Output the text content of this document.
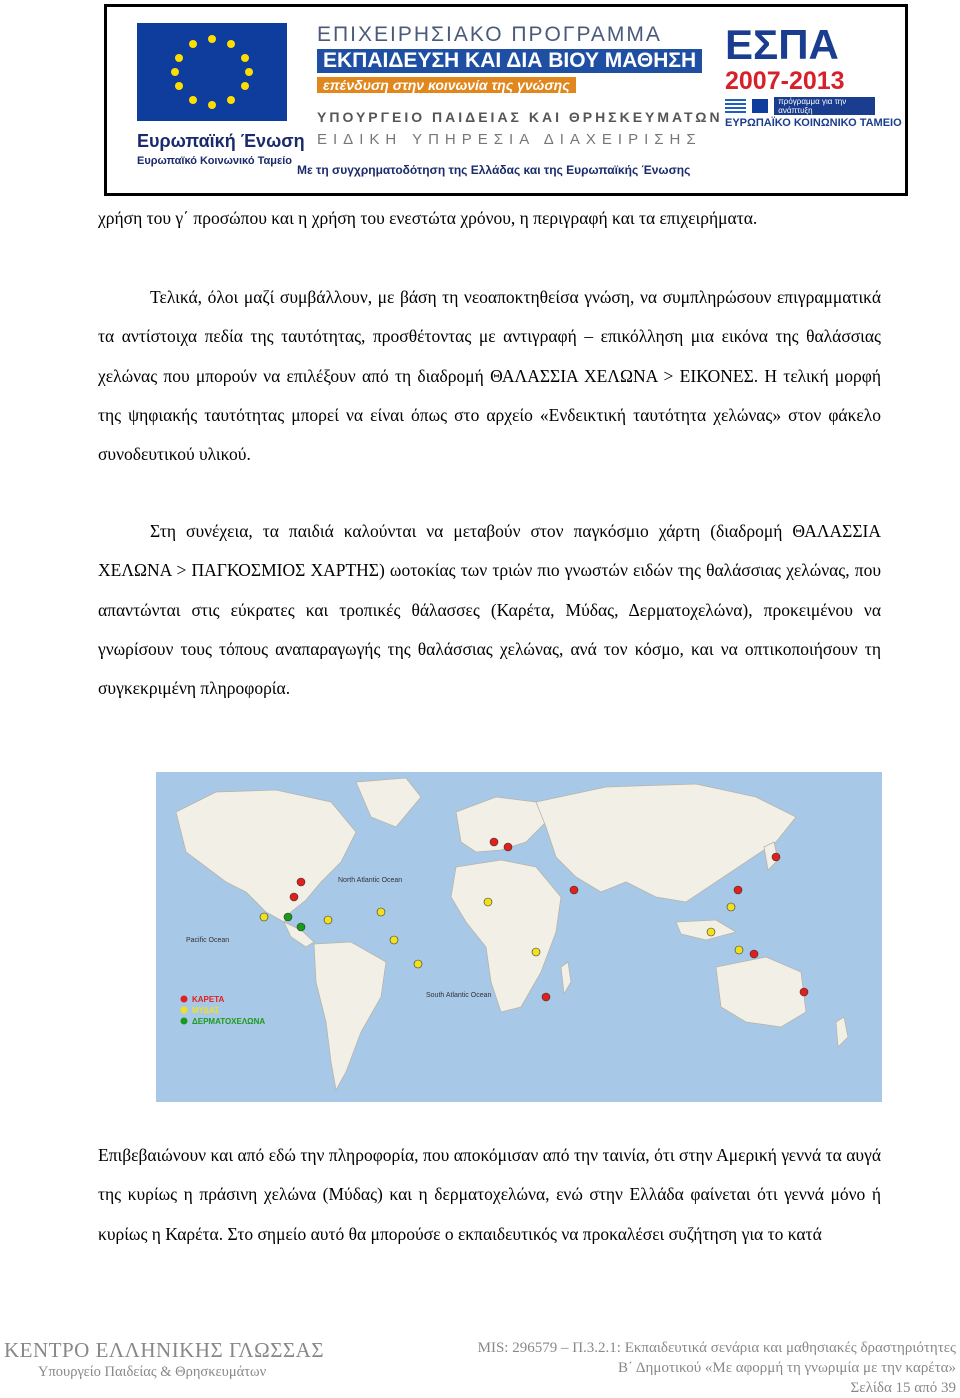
Ευρωπαϊκή Ένωση
Ευρωπαϊκό Κοινωνικό Ταμείο
ΕΠΙΧΕΙΡΗΣΙΑΚΟ ΠΡΟΓΡΑΜΜΑ
ΕΚΠΑΙΔΕΥΣΗ ΚΑΙ ΔΙΑ ΒΙΟΥ ΜΑΘΗΣΗ
επένδυση στην κοινωνία της γνώσης
ΥΠΟΥΡΓΕΙΟ ΠΑΙΔΕΙΑΣ ΚΑΙ ΘΡΗΣΚΕΥΜΑΤΩΝ
ΕΙΔΙΚΗ ΥΠΗΡΕΣΙΑ ΔΙΑΧΕΙΡΙΣΗΣ
Με τη συγχρηματοδότηση της Ελλάδας και της Ευρωπαϊκής Ένωσης
ΕΣΠΑ
2007-2013
πρόγραμμα για την ανάπτυξη
ΕΥΡΩΠΑΪΚΟ ΚΟΙΝΩΝΙΚΟ ΤΑΜΕΙΟ
χρήση του γ΄ προσώπου και η χρήση του ενεστώτα χρόνου, η περιγραφή και τα επιχειρήματα.
Τελικά, όλοι μαζί συμβάλλουν, με βάση τη νεοαποκτηθείσα γνώση, να συμπληρώσουν επιγραμματικά τα αντίστοιχα πεδία της ταυτότητας, προσθέτοντας με αντιγραφή – επικόλληση μια εικόνα της θαλάσσιας χελώνας που μπορούν να επιλέξουν από τη διαδρομή ΘΑΛΑΣΣΙΑ ΧΕΛΩΝΑ > ΕΙΚΟΝΕΣ. Η τελική μορφή της ψηφιακής ταυτότητας μπορεί να είναι όπως στο αρχείο «Ενδεικτική ταυτότητα χελώνας» στον φάκελο συνοδευτικού υλικού.
Στη συνέχεια, τα παιδιά καλούνται να μεταβούν στον παγκόσμιο χάρτη (διαδρομή ΘΑΛΑΣΣΙΑ ΧΕΛΩΝΑ > ΠΑΓΚΟΣΜΙΟΣ ΧΑΡΤΗΣ) ωοτοκίας των τριών πιο γνωστών ειδών της θαλάσσιας χελώνας, που απαντώνται στις εύκρατες και τροπικές θάλασσες (Καρέτα, Μύδας, Δερματοχελώνα), προκειμένου να γνωρίσουν τους τόπους αναπαραγωγής της θαλάσσιας χελώνας, ανά τον κόσμο, και να οπτικοποιήσουν τη συγκεκριμένη πληροφορία.
North Atlantic Ocean
Pacific Ocean
South Atlantic Ocean
ΚΑΡΕΤΑ
ΜΥΔΑΣ
ΔΕΡΜΑΤΟΧΕΛΩΝΑ
Επιβεβαιώνουν και από εδώ την πληροφορία, που αποκόμισαν από την ταινία, ότι στην Αμερική γεννά τα αυγά της κυρίως η πράσινη χελώνα (Μύδας) και η δερματοχελώνα, ενώ στην Ελλάδα φαίνεται ότι γεννά μόνο ή κυρίως η Καρέτα. Στο σημείο αυτό θα μπορούσε ο εκπαιδευτικός να προκαλέσει συζήτηση για το κατά
ΚΕΝΤΡΟ ΕΛΛΗΝΙΚΗΣ ΓΛΩΣΣΑΣ
Υπουργείο Παιδείας & Θρησκευμάτων
MIS: 296579 – Π.3.2.1: Εκπαιδευτικά σενάρια και μαθησιακές δραστηριότητες
Β΄ Δημοτικού «Με αφορμή τη γνωριμία με την καρέτα»
Σελίδα 15 από 39
